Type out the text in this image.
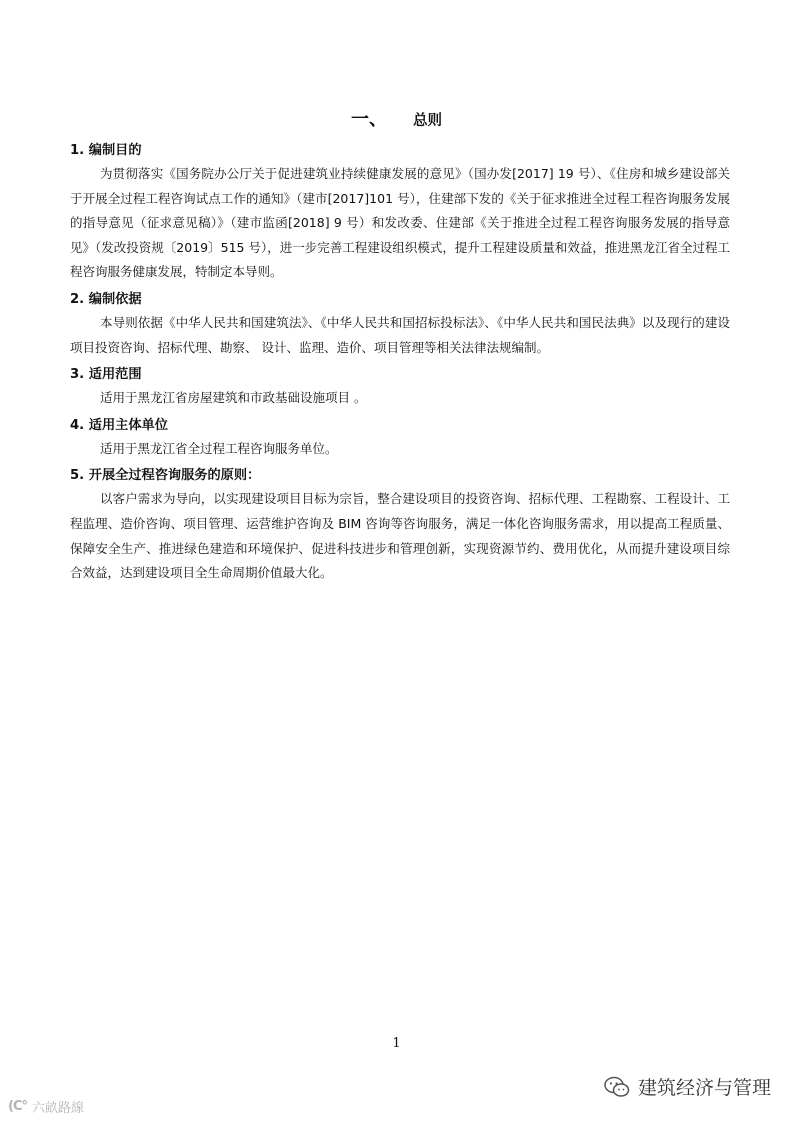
一、 总则

1. 编制目的

为贯彻落实《国务院办公厅关于促进建筑业持续健康发展的意见》（国办发[2017] 19 号）、《住房和城乡建设部关于开展全过程工程咨询试点工作的通知》（建市[2017]101 号），住建部下发的《关于征求推进全过程工程咨询服务发展的指导意见（征求意见稿）》（建市监函[2018] 9 号）和发改委、住建部《关于推进全过程工程咨询服务发展的指导意见》（发改投资规〔2019〕515 号），进一步完善工程建设组织模式，提升工程建设质量和效益，推进黑龙江省全过程工程咨询服务健康发展，特制定本导则。

2. 编制依据

本导则依据《中华人民共和国建筑法》、《中华人民共和国招标投标法》、《中华人民共和国民法典》以及现行的建设项目投资咨询、招标代理、勘察、 设计、监理、造价、项目管理等相关法律法规编制。

3. 适用范围

适用于黑龙江省房屋建筑和市政基础设施项目 。

4. 适用主体单位

适用于黑龙江省全过程工程咨询服务单位。

5. 开展全过程咨询服务的原则：

以客户需求为导向，以实现建设项目目标为宗旨，整合建设项目的投资咨询、招标代理、工程勘察、工程设计、工程监理、造价咨询、项目管理、运营维护咨询及 BIM 咨询等咨询服务，满足一体化咨询服务需求，用以提高工程质量、保障安全生产、推进绿色建造和环境保护、促进科技进步和管理创新，实现资源节约、费用优化，从而提升建设项目综合效益，达到建设项目全生命周期价值最大化。

1
(C° 六畝路線
建筑经济与管理
